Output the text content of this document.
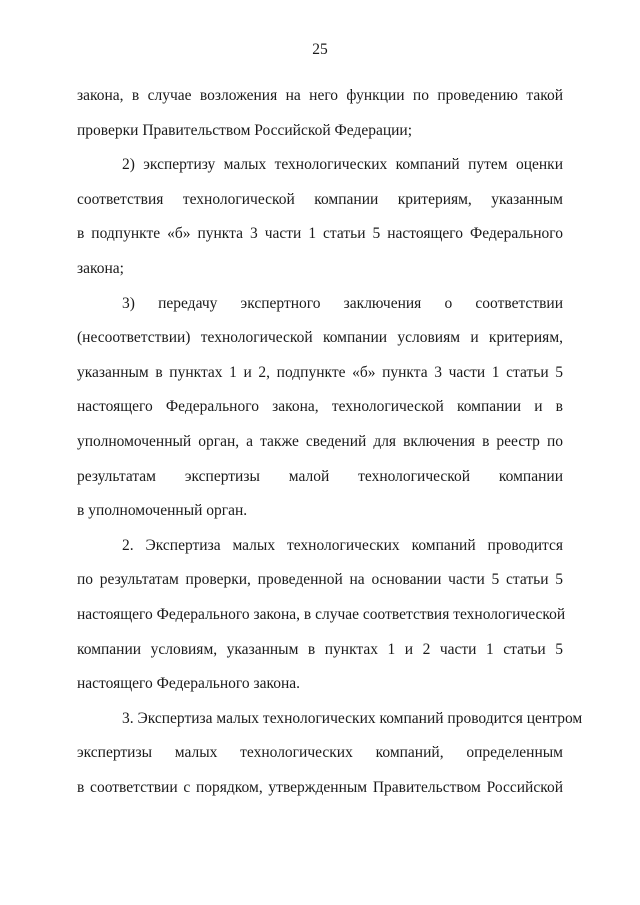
25
закона, в случае возложения на него функции по проведению такой
проверки Правительством Российской Федерации;
2) экспертизу малых технологических компаний путем оценки
соответствия технологической компании критериям, указанным
в подпункте «б» пункта 3 части 1 статьи 5 настоящего Федерального
закона;
3) передачу экспертного заключения о соответствии
(несоответствии) технологической компании условиям и критериям,
указанным в пунктах 1 и 2, подпункте «б» пункта 3 части 1 статьи 5
настоящего Федерального закона, технологической компании и в
уполномоченный орган, а также сведений для включения в реестр по
результатам экспертизы малой технологической компании
в уполномоченный орган.
2. Экспертиза малых технологических компаний проводится
по результатам проверки, проведенной на основании части 5 статьи 5
настоящего Федерального закона, в случае соответствия технологической
компании условиям, указанным в пунктах 1 и 2 части 1 статьи 5
настоящего Федерального закона.
3. Экспертиза малых технологических компаний проводится центром
экспертизы малых технологических компаний, определенным
в соответствии с порядком, утвержденным Правительством Российской
